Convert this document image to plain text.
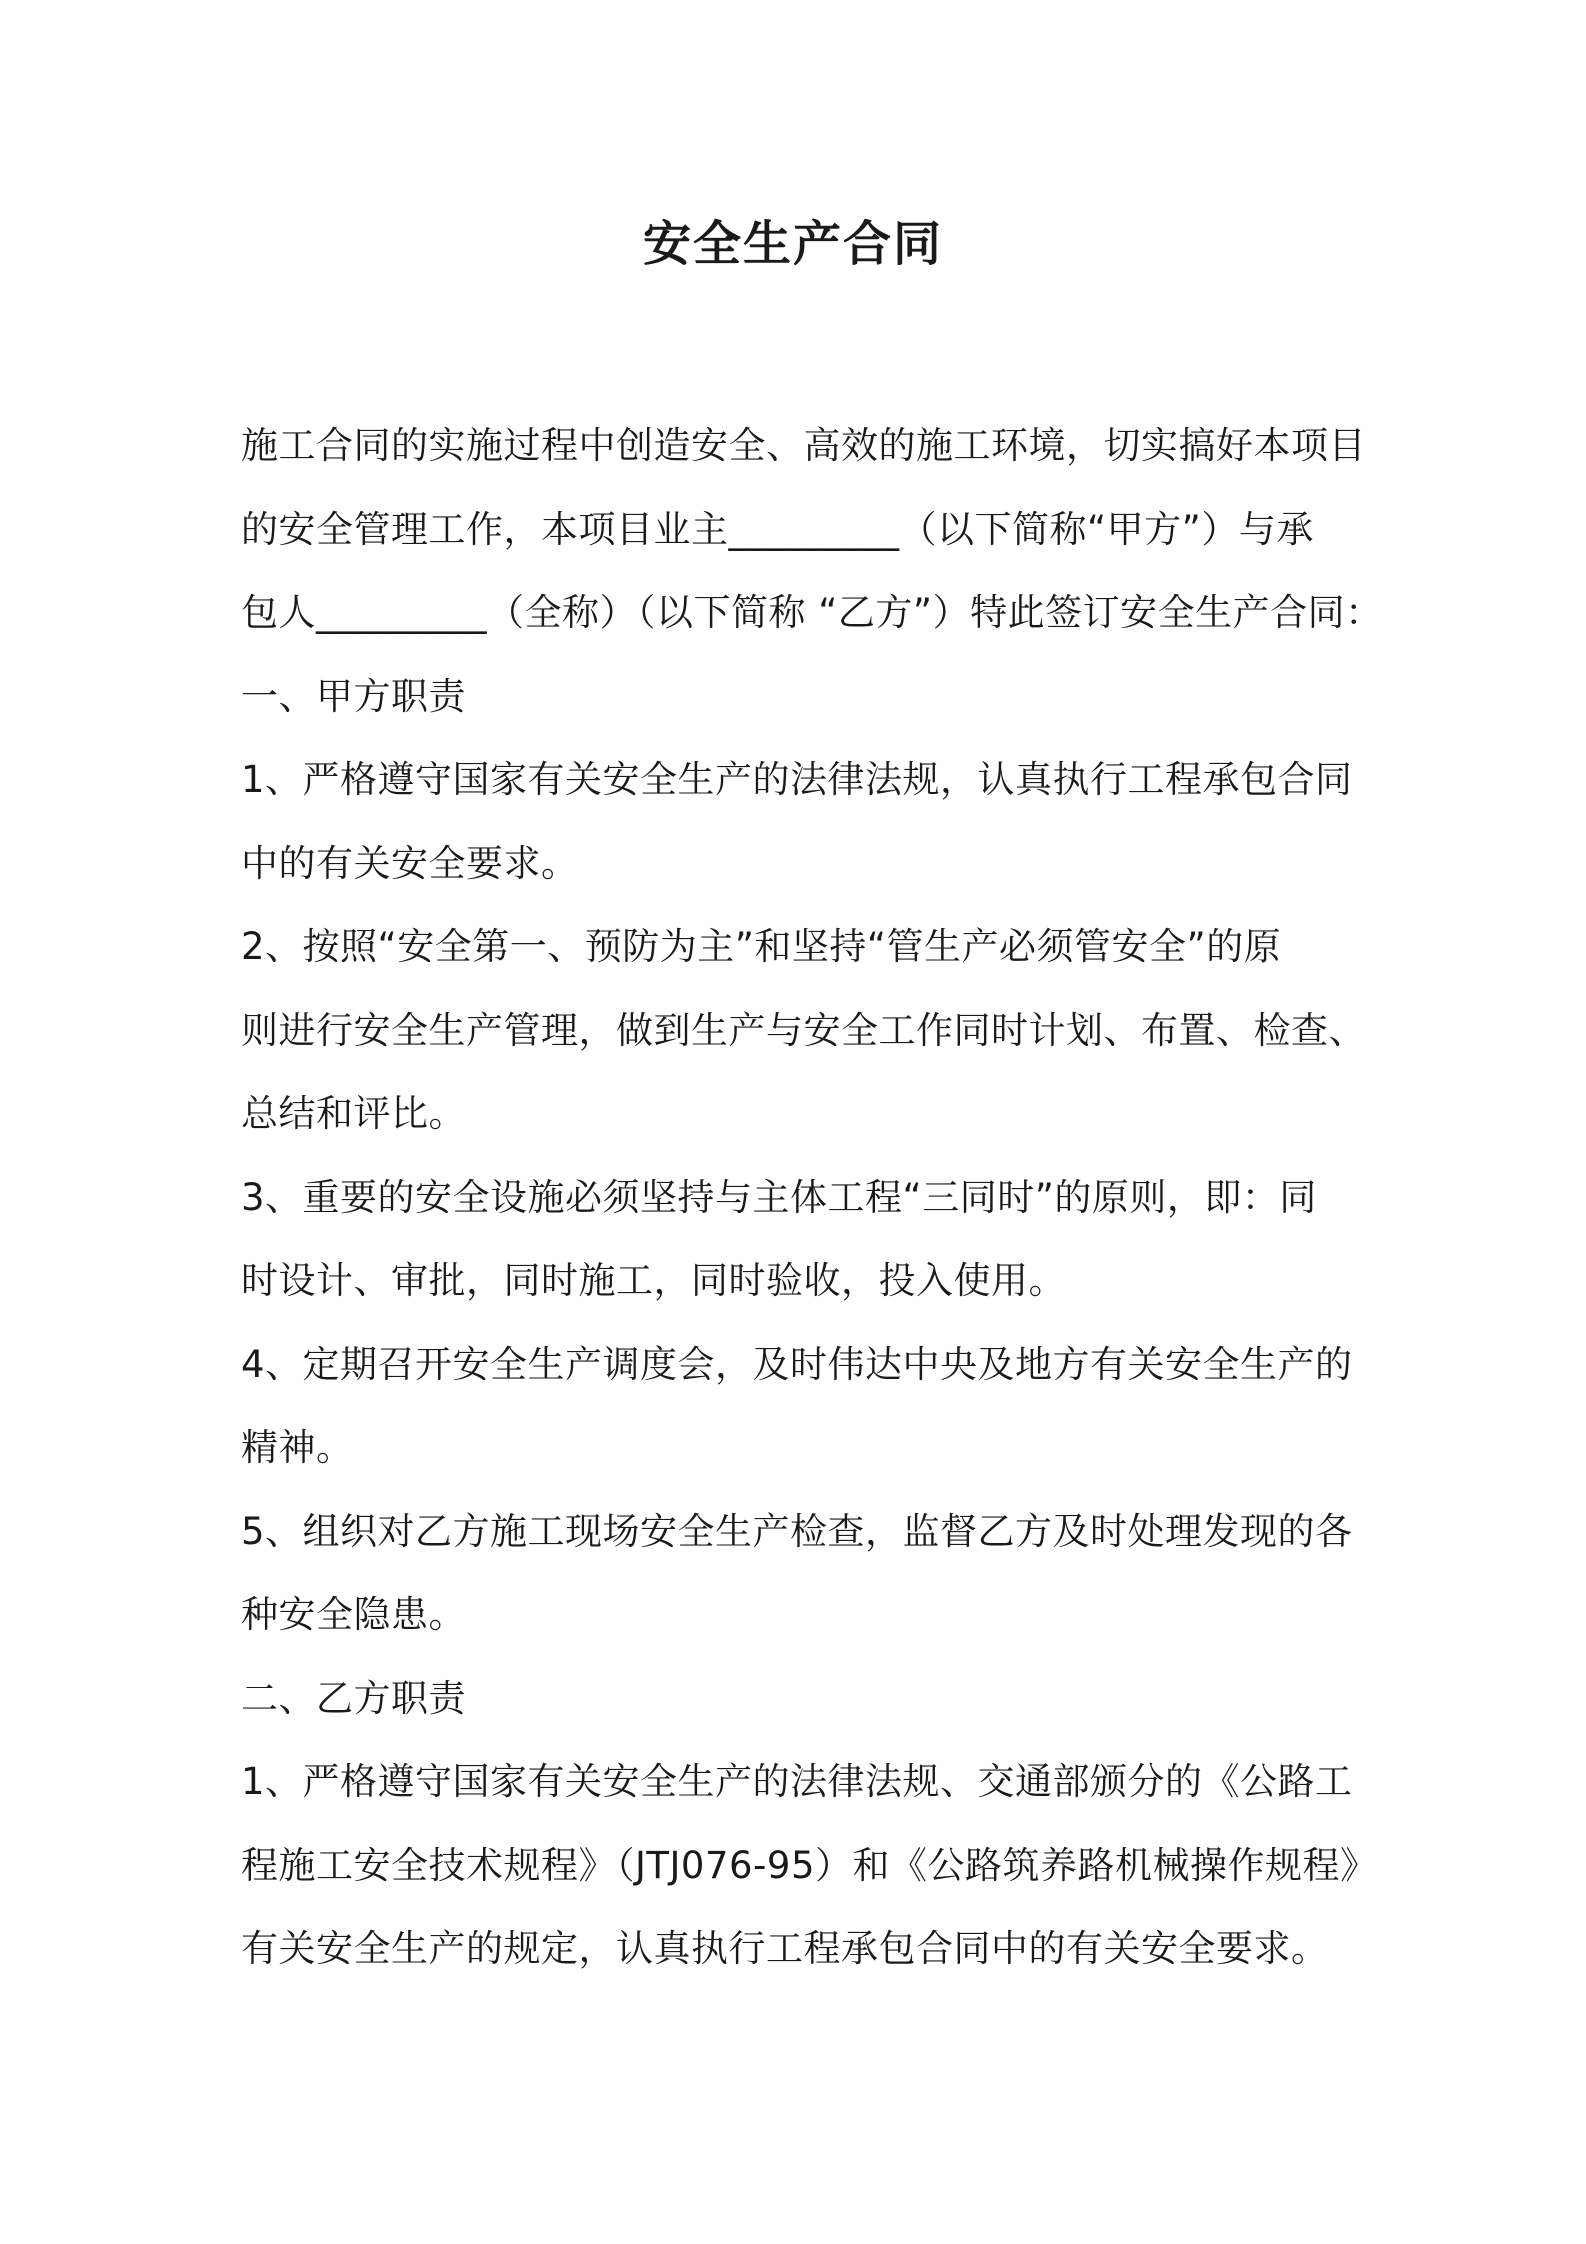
安全生产合同

施工合同的实施过程中创造安全、高效的施工环境，切实搞好本项目

的安全管理工作，本项目业主_________（以下简称“甲方”）与承

包人_________（全称）（以下简称 “乙方”）特此签订安全生产合同：

一、甲方职责

1、严格遵守国家有关安全生产的法律法规，认真执行工程承包合同

中的有关安全要求。

2、按照“安全第一、预防为主”和坚持“管生产必须管安全”的原

则进行安全生产管理，做到生产与安全工作同时计划、布置、检查、

总结和评比。

3、重要的安全设施必须坚持与主体工程“三同时”的原则，即：同

时设计、审批，同时施工，同时验收，投入使用。

4、定期召开安全生产调度会，及时伟达中央及地方有关安全生产的

精神。

5、组织对乙方施工现场安全生产检查，监督乙方及时处理发现的各

种安全隐患。

二、乙方职责

1、严格遵守国家有关安全生产的法律法规、交通部颁分的《公路工

程施工安全技术规程》（JTJ076-95）和《公路筑养路机械操作规程》

有关安全生产的规定，认真执行工程承包合同中的有关安全要求。
